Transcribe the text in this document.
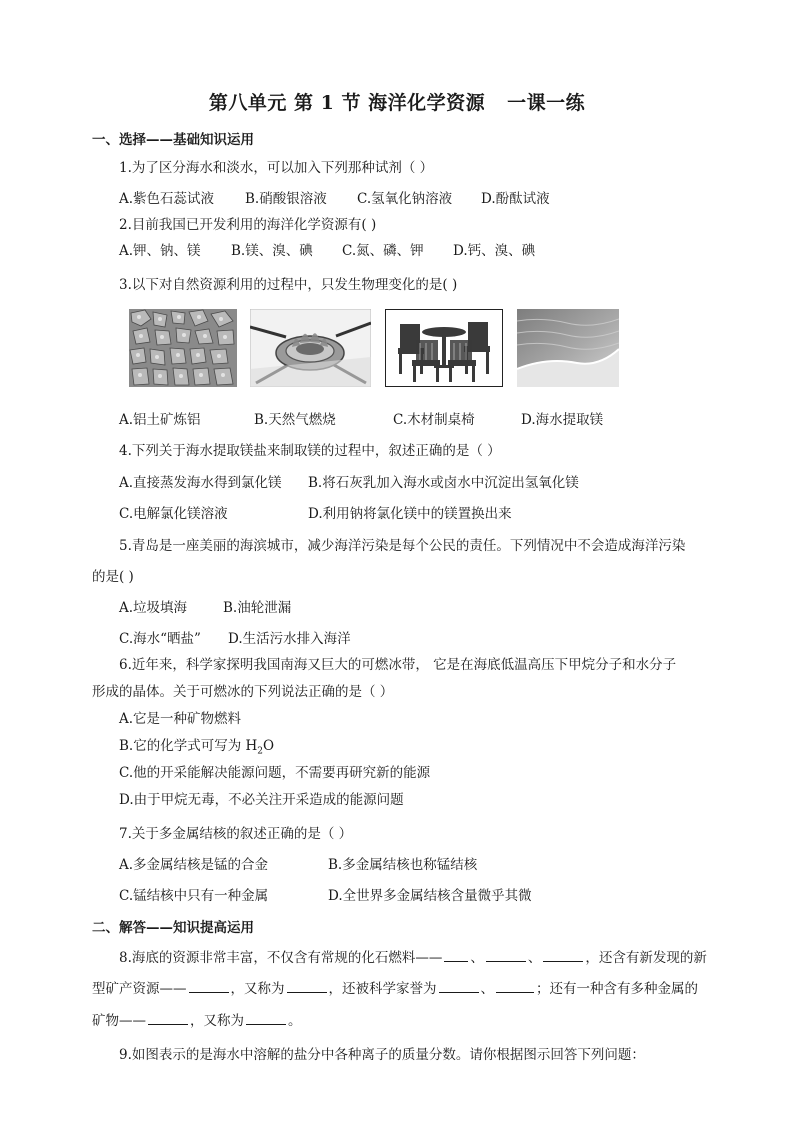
第八单元 第 1 节 海洋化学资源 一课一练
一、选择——基础知识运用
1.为了区分海水和淡水，可以加入下列那种试剂（ ）
A.紫色石蕊试液 B.硝酸银溶液 C.氢氧化钠溶液 D.酚酞试液
2.目前我国已开发利用的海洋化学资源有( )
A.钾、钠、镁 B.镁、溴、碘 C.氮、磷、钾 D.钙、溴、碘
3.以下对自然资源利用的过程中，只发生物理变化的是( )
A.铝土矿炼铝	B.天然气燃烧	C.木材制桌椅	D.海水提取镁
4.下列关于海水提取镁盐来制取镁的过程中，叙述正确的是（ ）
A.直接蒸发海水得到氯化镁 B.将石灰乳加入海水或卤水中沉淀出氢氧化镁
C.电解氯化镁溶液	D.利用钠将氯化镁中的镁置换出来
5.青岛是一座美丽的海滨城市，减少海洋污染是每个公民的责任。下列情况中不会造成海洋污染
的是( )
A.垃圾填海	B.油轮泄漏
C.海水“晒盐” D.生活污水排入海洋
6.近年来，科学家探明我国南海又巨大的可燃冰带， 它是在海底低温高压下甲烷分子和水分子
形成的晶体。关于可燃冰的下列说法正确的是（ ）
A.它是一种矿物燃料
B.它的化学式可写为 $H_2O$
C.他的开采能解决能源问题，不需要再研究新的能源
D.由于甲烷无毒，不必关注开采造成的能源问题
7.关于多金属结核的叙述正确的是（ ）
A.多金属结核是锰的合金	B.多金属结核也称锰结核
C.锰结核中只有一种金属	D.全世界多金属结核含量微乎其微
二、解答——知识提高运用
8.海底的资源非常丰富，不仅含有常规的化石燃料—— 、	、	，还含有新发现的新
型矿产资源——	，又称为	，还被科学家誉为	、	；还有一种含有多种金属的
矿物——	，又称为	。
9.如图表示的是海水中溶解的盐分中各种离子的质量分数。请你根据图示回答下列问题：
